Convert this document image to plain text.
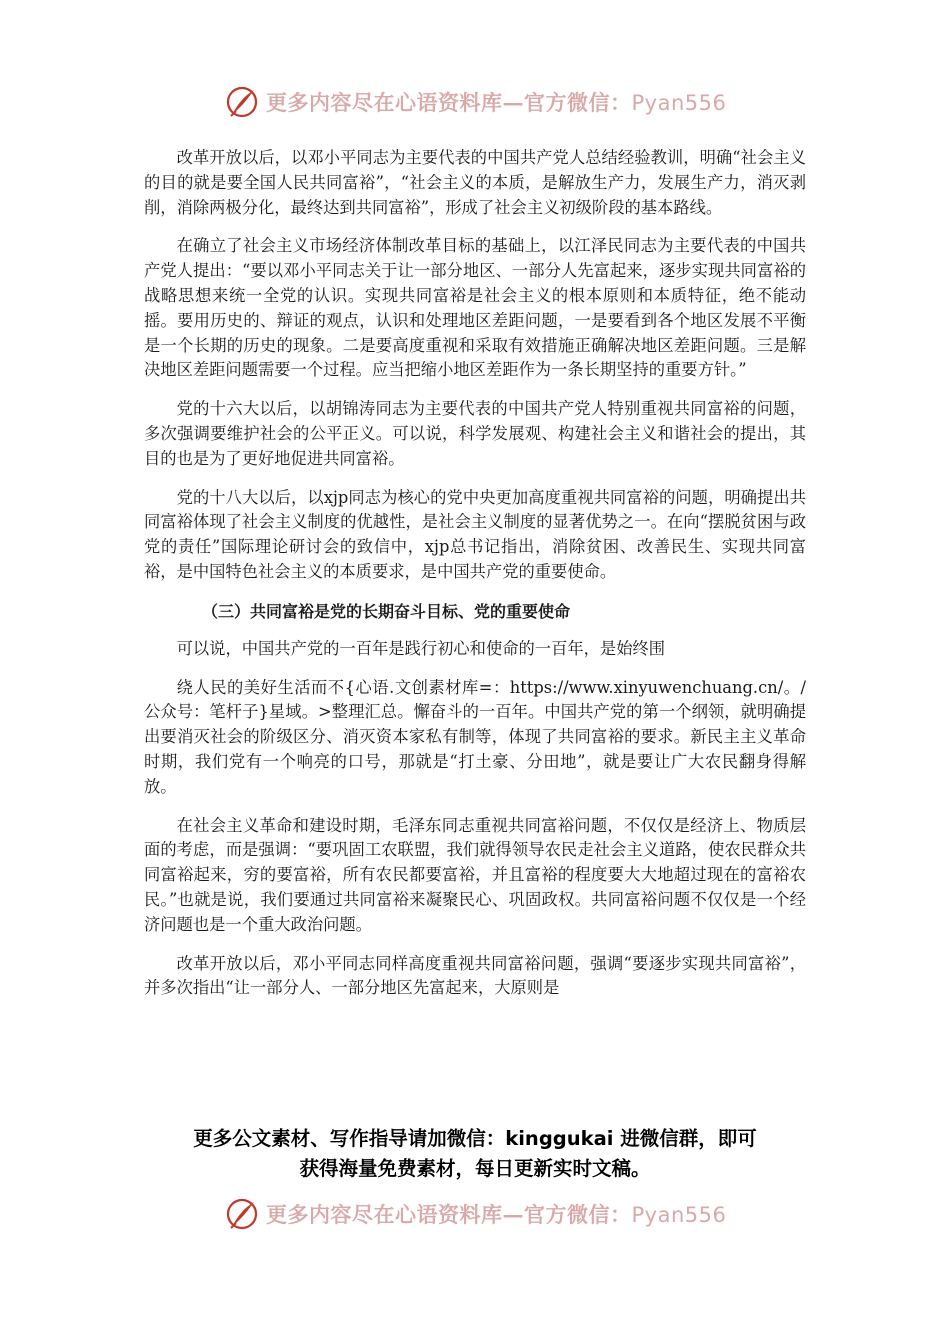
更多内容尽在心语资料库—官方微信：Pyan556

改革开放以后，以邓小平同志为主要代表的中国共产党人总结经验教训，明确“社会主义的目的就是要全国人民共同富裕”，“社会主义的本质，是解放生产力，发展生产力，消灭剥削，消除两极分化，最终达到共同富裕”，形成了社会主义初级阶段的基本路线。

在确立了社会主义市场经济体制改革目标的基础上，以江泽民同志为主要代表的中国共产党人提出：“要以邓小平同志关于让一部分地区、一部分人先富起来，逐步实现共同富裕的战略思想来统一全党的认识。实现共同富裕是社会主义的根本原则和本质特征，绝不能动摇。要用历史的、辩证的观点，认识和处理地区差距问题，一是要看到各个地区发展不平衡是一个长期的历史的现象。二是要高度重视和采取有效措施正确解决地区差距问题。三是解决地区差距问题需要一个过程。应当把缩小地区差距作为一条长期坚持的重要方针。”

党的十六大以后，以胡锦涛同志为主要代表的中国共产党人特别重视共同富裕的问题，多次强调要维护社会的公平正义。可以说，科学发展观、构建社会主义和谐社会的提出，其目的也是为了更好地促进共同富裕。

党的十八大以后，以xjp同志为核心的党中央更加高度重视共同富裕的问题，明确提出共同富裕体现了社会主义制度的优越性，是社会主义制度的显著优势之一。在向“摆脱贫困与政党的责任”国际理论研讨会的致信中，xjp总书记指出，消除贫困、改善民生、实现共同富裕，是中国特色社会主义的本质要求，是中国共产党的重要使命。

（三）共同富裕是党的长期奋斗目标、党的重要使命

可以说，中国共产党的一百年是践行初心和使命的一百年，是始终围

绕人民的美好生活而不{心语.文创素材库=：https://www.xinyuwenchuang.cn/。/公众号：笔杆子}星域。>整理汇总。懈奋斗的一百年。中国共产党的第一个纲领，就明确提出要消灭社会的阶级区分、消灭资本家私有制等，体现了共同富裕的要求。新民主主义革命时期，我们党有一个响亮的口号，那就是“打土豪、分田地”，就是要让广大农民翻身得解放。

在社会主义革命和建设时期，毛泽东同志重视共同富裕问题，不仅仅是经济上、物质层面的考虑，而是强调：“要巩固工农联盟，我们就得领导农民走社会主义道路，使农民群众共同富裕起来，穷的要富裕，所有农民都要富裕，并且富裕的程度要大大地超过现在的富裕农民。”也就是说，我们要通过共同富裕来凝聚民心、巩固政权。共同富裕问题不仅仅是一个经济问题也是一个重大政治问题。

改革开放以后，邓小平同志同样高度重视共同富裕问题，强调“要逐步实现共同富裕”，并多次指出“让一部分人、一部分地区先富起来，大原则是

更多公文素材、写作指导请加微信：kinggukai 进微信群，即可
获得海量免费素材，每日更新实时文稿。
更多内容尽在心语资料库—官方微信：Pyan556
